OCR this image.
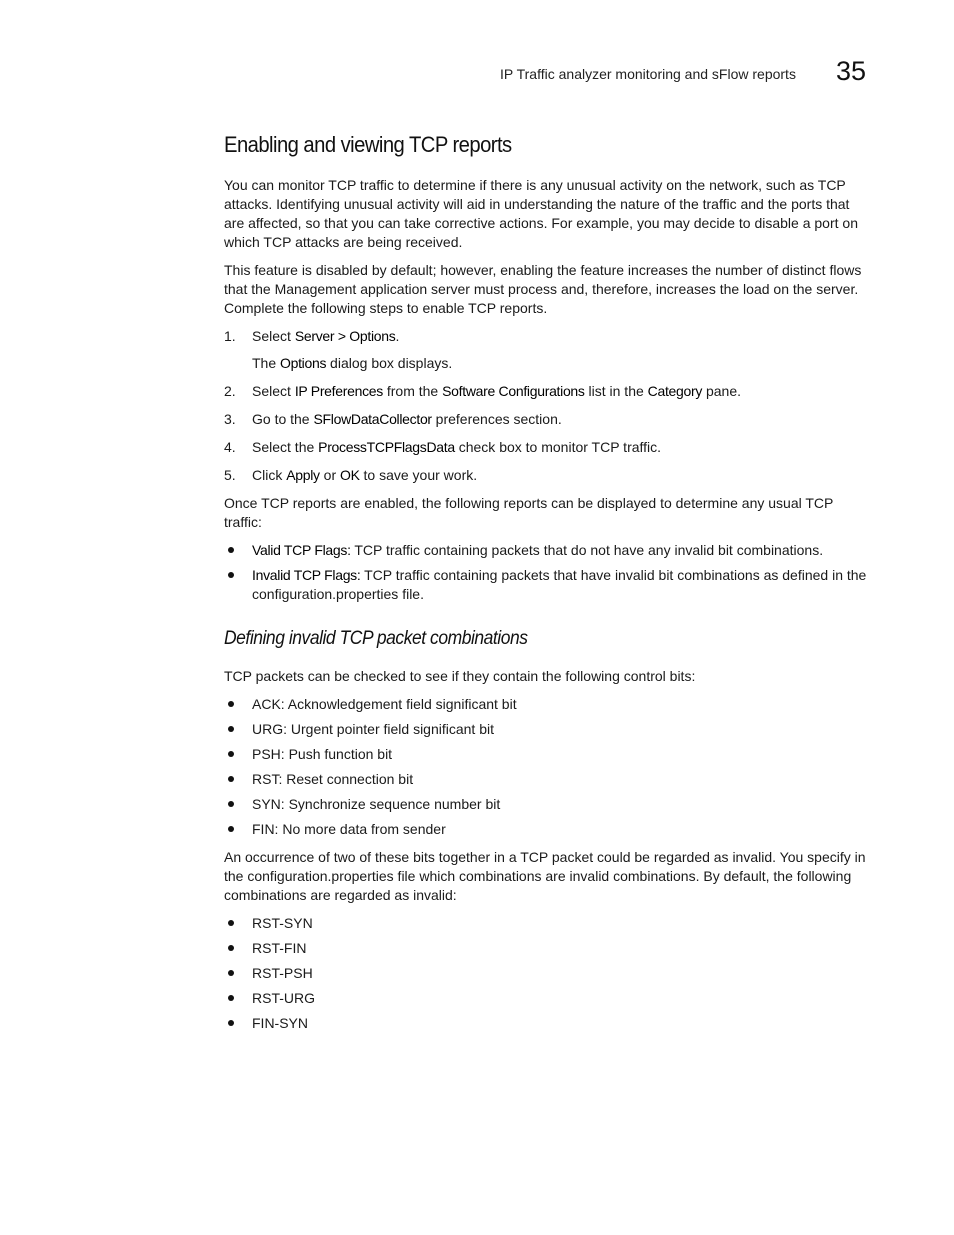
IP Traffic analyzer monitoring and sFlow reports 35
Enabling and viewing TCP reports

You can monitor TCP traffic to determine if there is any unusual activity on the network, such as TCP attacks. Identifying unusual activity will aid in understanding the nature of the traffic and the ports that are affected, so that you can take corrective actions. For example, you may decide to disable a port on which TCP attacks are being received.

This feature is disabled by default; however, enabling the feature increases the number of distinct flows that the Management application server must process and, therefore, increases the load on the server. Complete the following steps to enable TCP reports.

1. Select Server > Options.
The Options dialog box displays.
2. Select IP Preferences from the Software Configurations list in the Category pane.
3. Go to the SFlowDataCollector preferences section.
4. Select the ProcessTCPFlagsData check box to monitor TCP traffic.
5. Click Apply or OK to save your work.

Once TCP reports are enabled, the following reports can be displayed to determine any usual TCP traffic:

Valid TCP Flags: TCP traffic containing packets that do not have any invalid bit combinations.
Invalid TCP Flags: TCP traffic containing packets that have invalid bit combinations as defined in the configuration.properties file.
Defining invalid TCP packet combinations

TCP packets can be checked to see if they contain the following control bits:

ACK: Acknowledgement field significant bit
URG: Urgent pointer field significant bit
PSH: Push function bit
RST: Reset connection bit
SYN: Synchronize sequence number bit
FIN: No more data from sender

An occurrence of two of these bits together in a TCP packet could be regarded as invalid. You specify in the configuration.properties file which combinations are invalid combinations. By default, the following combinations are regarded as invalid:

RST-SYN
RST-FIN
RST-PSH
RST-URG
FIN-SYN
